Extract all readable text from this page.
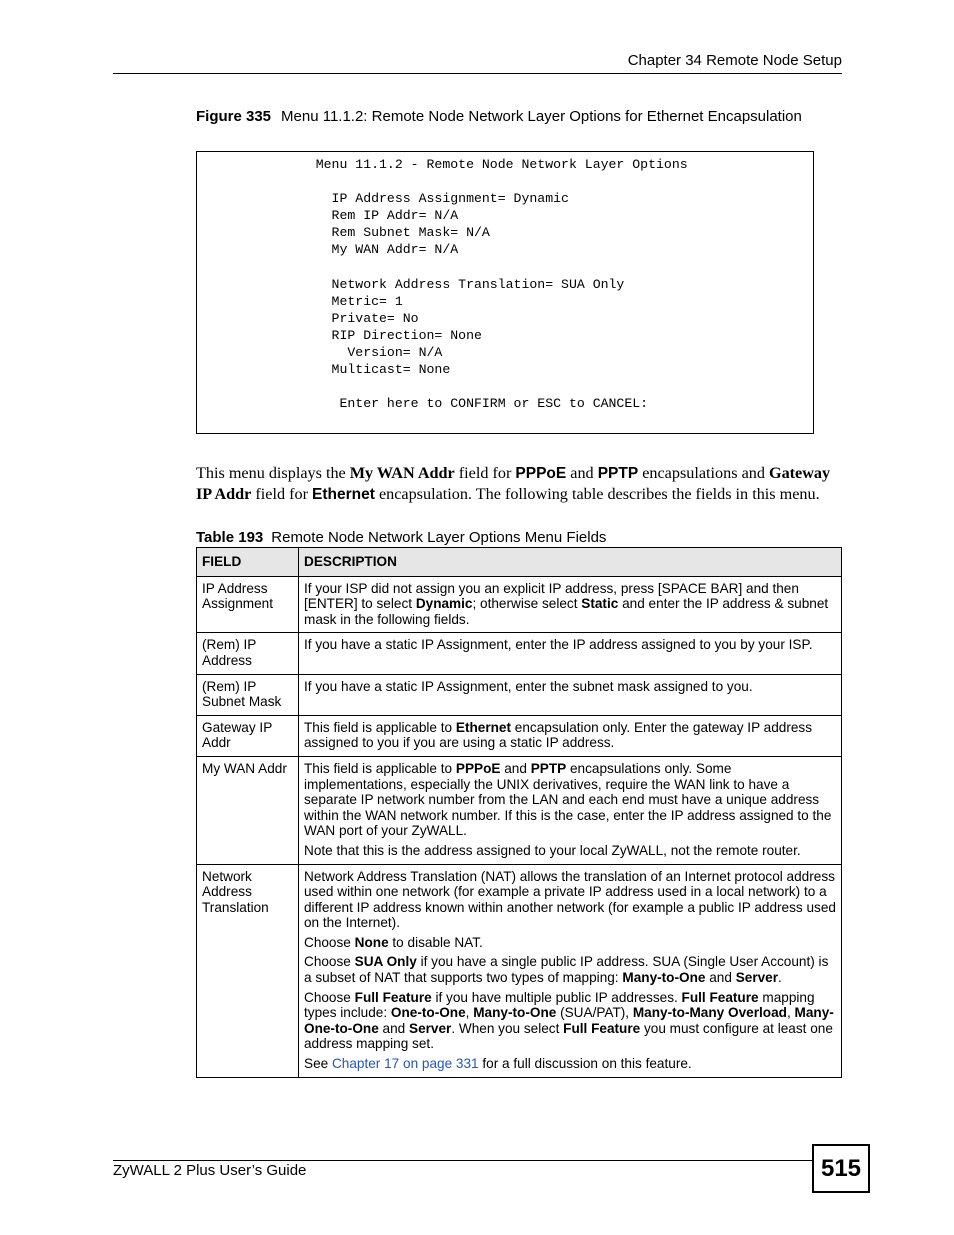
Chapter 34 Remote Node Setup
Figure 335 Menu 11.1.2: Remote Node Network Layer Options for Ethernet Encapsulation
Menu 11.1.2 - Remote Node Network Layer Options

IP Address Assignment= Dynamic
Rem IP Addr= N/A
Rem Subnet Mask= N/A
My WAN Addr= N/A

Network Address Translation= SUA Only
Metric= 1
Private= No
RIP Direction= None
Version= N/A
Multicast= None

Enter here to CONFIRM or ESC to CANCEL:
This menu displays the My WAN Addr field for PPPoE and PPTP encapsulations and Gateway IP Addr field for Ethernet encapsulation. The following table describes the fields in this menu.
Table 193 Remote Node Network Layer Options Menu Fields
FIELD	DESCRIPTION
IP Address Assignment	If your ISP did not assign you an explicit IP address, press [SPACE BAR] and then [ENTER] to select Dynamic; otherwise select Static and enter the IP address & subnet mask in the following fields.
(Rem) IP Address	If you have a static IP Assignment, enter the IP address assigned to you by your ISP.
(Rem) IP Subnet Mask	If you have a static IP Assignment, enter the subnet mask assigned to you.
Gateway IP Addr	This field is applicable to Ethernet encapsulation only. Enter the gateway IP address assigned to you if you are using a static IP address.
My WAN Addr	This field is applicable to PPPoE and PPTP encapsulations only. Some implementations, especially the UNIX derivatives, require the WAN link to have a separate IP network number from the LAN and each end must have a unique address within the WAN network number. If this is the case, enter the IP address assigned to the WAN port of your ZyWALL.

Note that this is the address assigned to your local ZyWALL, not the remote router.

Network Address Translation	Network Address Translation (NAT) allows the translation of an Internet protocol address used within one network (for example a private IP address used in a local network) to a different IP address known within another network (for example a public IP address used on the Internet).

Choose None to disable NAT.

Choose SUA Only if you have a single public IP address. SUA (Single User Account) is a subset of NAT that supports two types of mapping: Many-to-One and Server.

Choose Full Feature if you have multiple public IP addresses. Full Feature mapping types include: One-to-One, Many-to-One (SUA/PAT), Many-to-Many Overload, Many- One-to-One and Server. When you select Full Feature you must configure at least one address mapping set.

See Chapter 17 on page 331 for a full discussion on this feature.

ZyWALL 2 Plus User’s Guide	515
